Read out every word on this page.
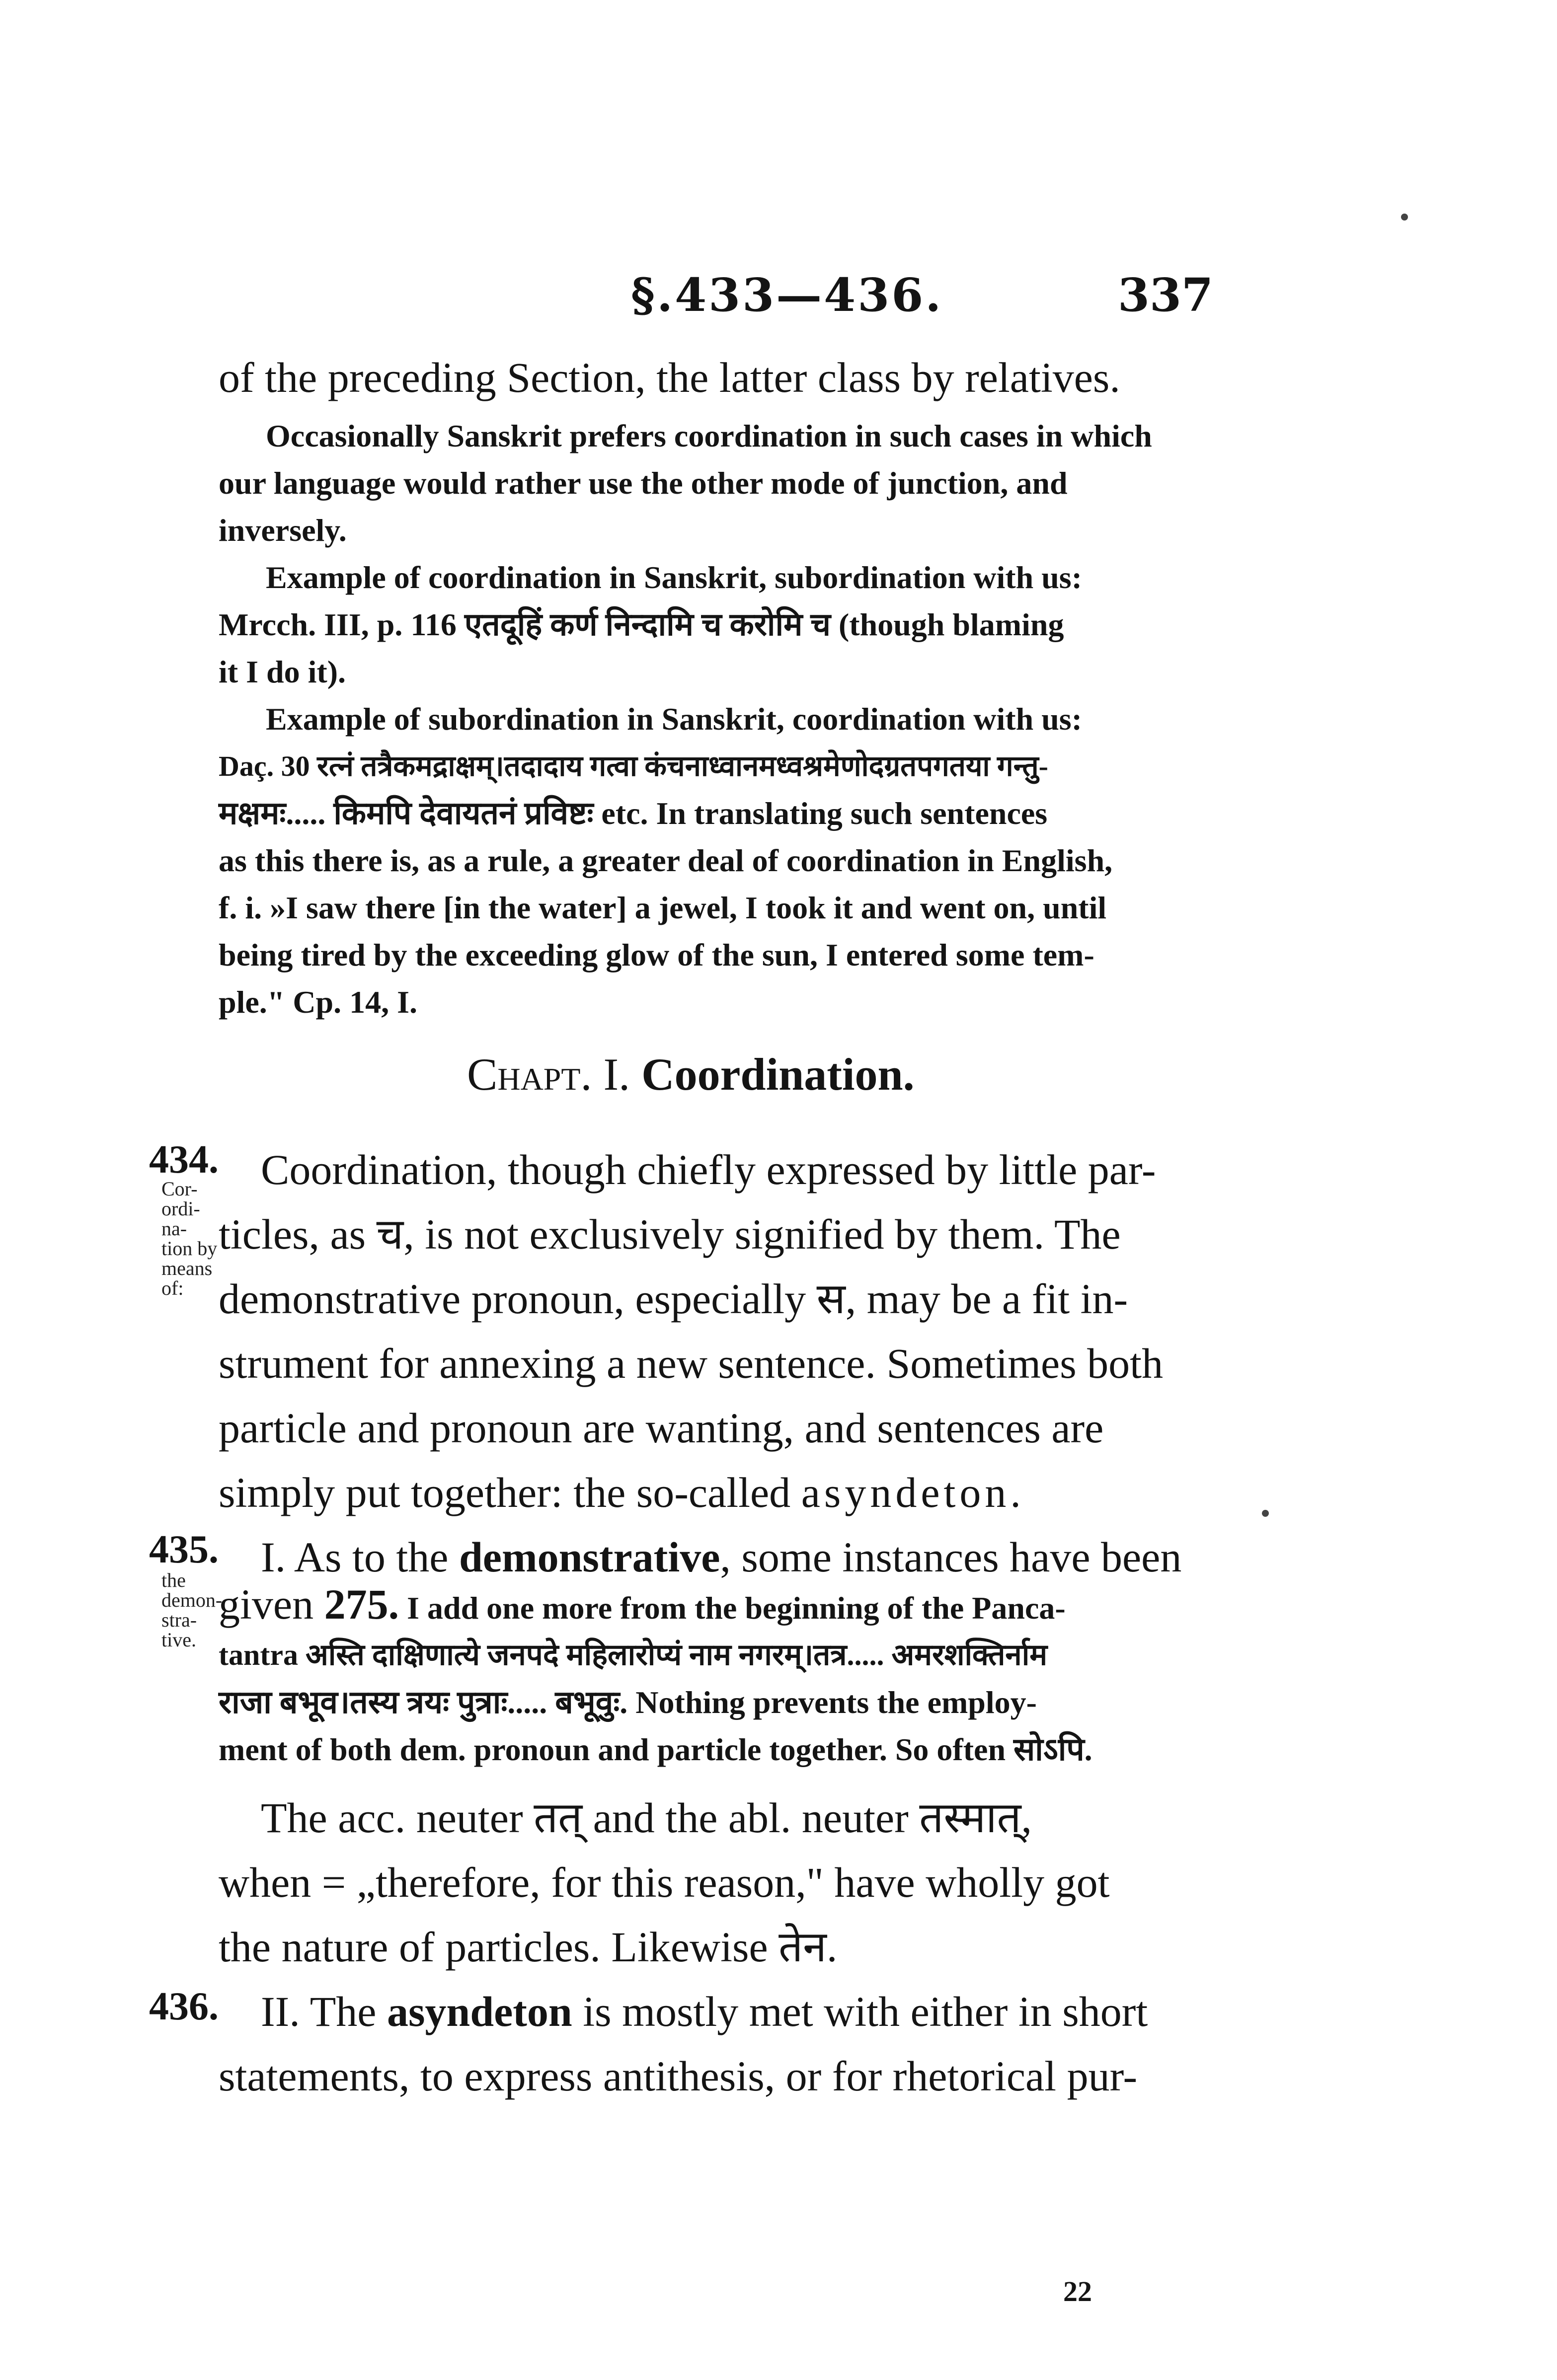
§.433—436.	337
of the preceding Section, the latter class by relatives.
Occasionally Sanskrit prefers coordination in such cases in which
our language would rather use the other mode of junction, and
inversely.
Example of coordination in Sanskrit, subordination with us:
Mrcch. III, p. 116 एतदूहिं कर्ण निन्दामि च करोमि च (though blaming
it I do it).
Example of subordination in Sanskrit, coordination with us:
Daç. 30 रत्नं तत्रैकमद्राक्षम्।तदादाय गत्वा कंचनाध्वानमध्वश्रमेणोदग्रतपगतया गन्तु-
मक्षमः..... किमपि देवायतनं प्रविष्टः etc. In translating such sentences
as this there is, as a rule, a greater deal of coordination in English,
f. i. »I saw there [in the water] a jewel, I took it and went on, until
being tired by the exceeding glow of the sun, I entered some tem-
ple." Cp. 14, I.
Chapt. I. Coordination.
434.
Cor-
ordi-
na-
tion by
means
of:
Coordination, though chiefly expressed by little par-
ticles, as च, is not exclusively signified by them. The
demonstrative pronoun, especially स, may be a fit in-
strument for annexing a new sentence. Sometimes both
particle and pronoun are wanting, and sentences are
simply put together: the so-called asyndeton.
435.
the
demon-
stra-
tive.
I. As to the demonstrative, some instances have been
given 275. I add one more from the beginning of the Panca-
tantra अस्ति दाक्षिणात्ये जनपदे महिलारोप्यं नाम नगरम्।तत्र..... अमरशक्तिर्नाम
राजा बभूव।तस्य त्रयः पुत्राः..... बभूवुः. Nothing prevents the employ-
ment of both dem. pronoun and particle together. So often सोऽपि.
The acc. neuter तत् and the abl. neuter तस्मात्,
when = „therefore, for this reason," have wholly got
the nature of particles. Likewise तेन.
436. II. The asyndeton is mostly met with either in short
statements, to express antithesis, or for rhetorical pur-
22
